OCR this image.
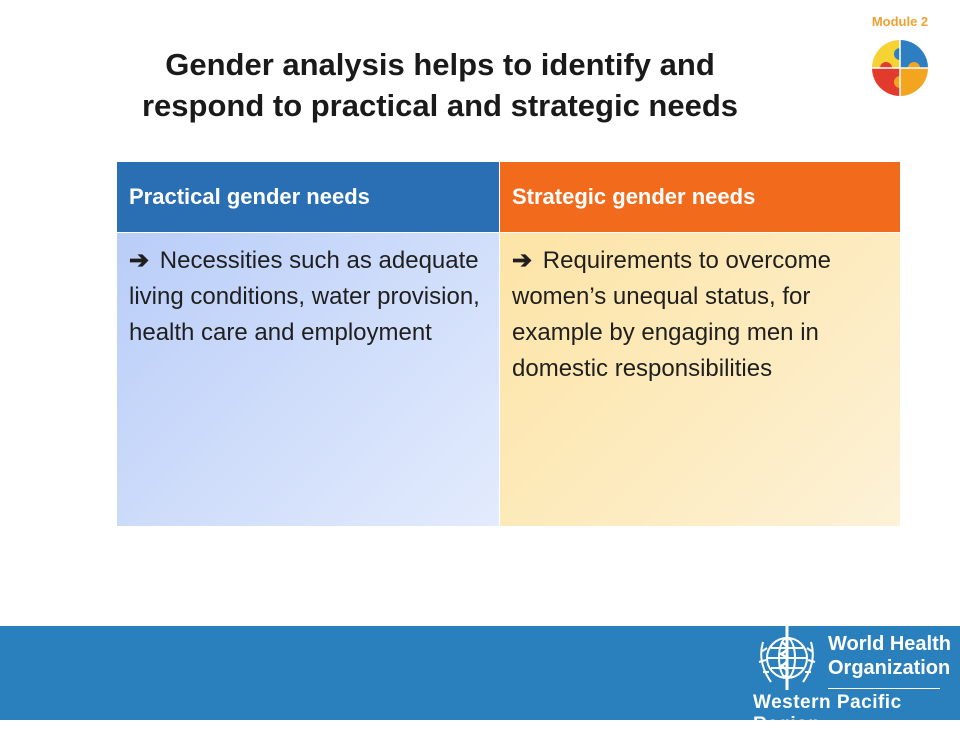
Gender analysis helps to identify and
respond to practical and strategic needs
Module 2
Practical gender needs	Strategic gender needs
➔ Necessities such as adequate living conditions, water provision, health care and employment
➔ Requirements to overcome women’s unequal status, for example by engaging men in domestic responsibilities
World Health
Organization
Western Pacific Region
